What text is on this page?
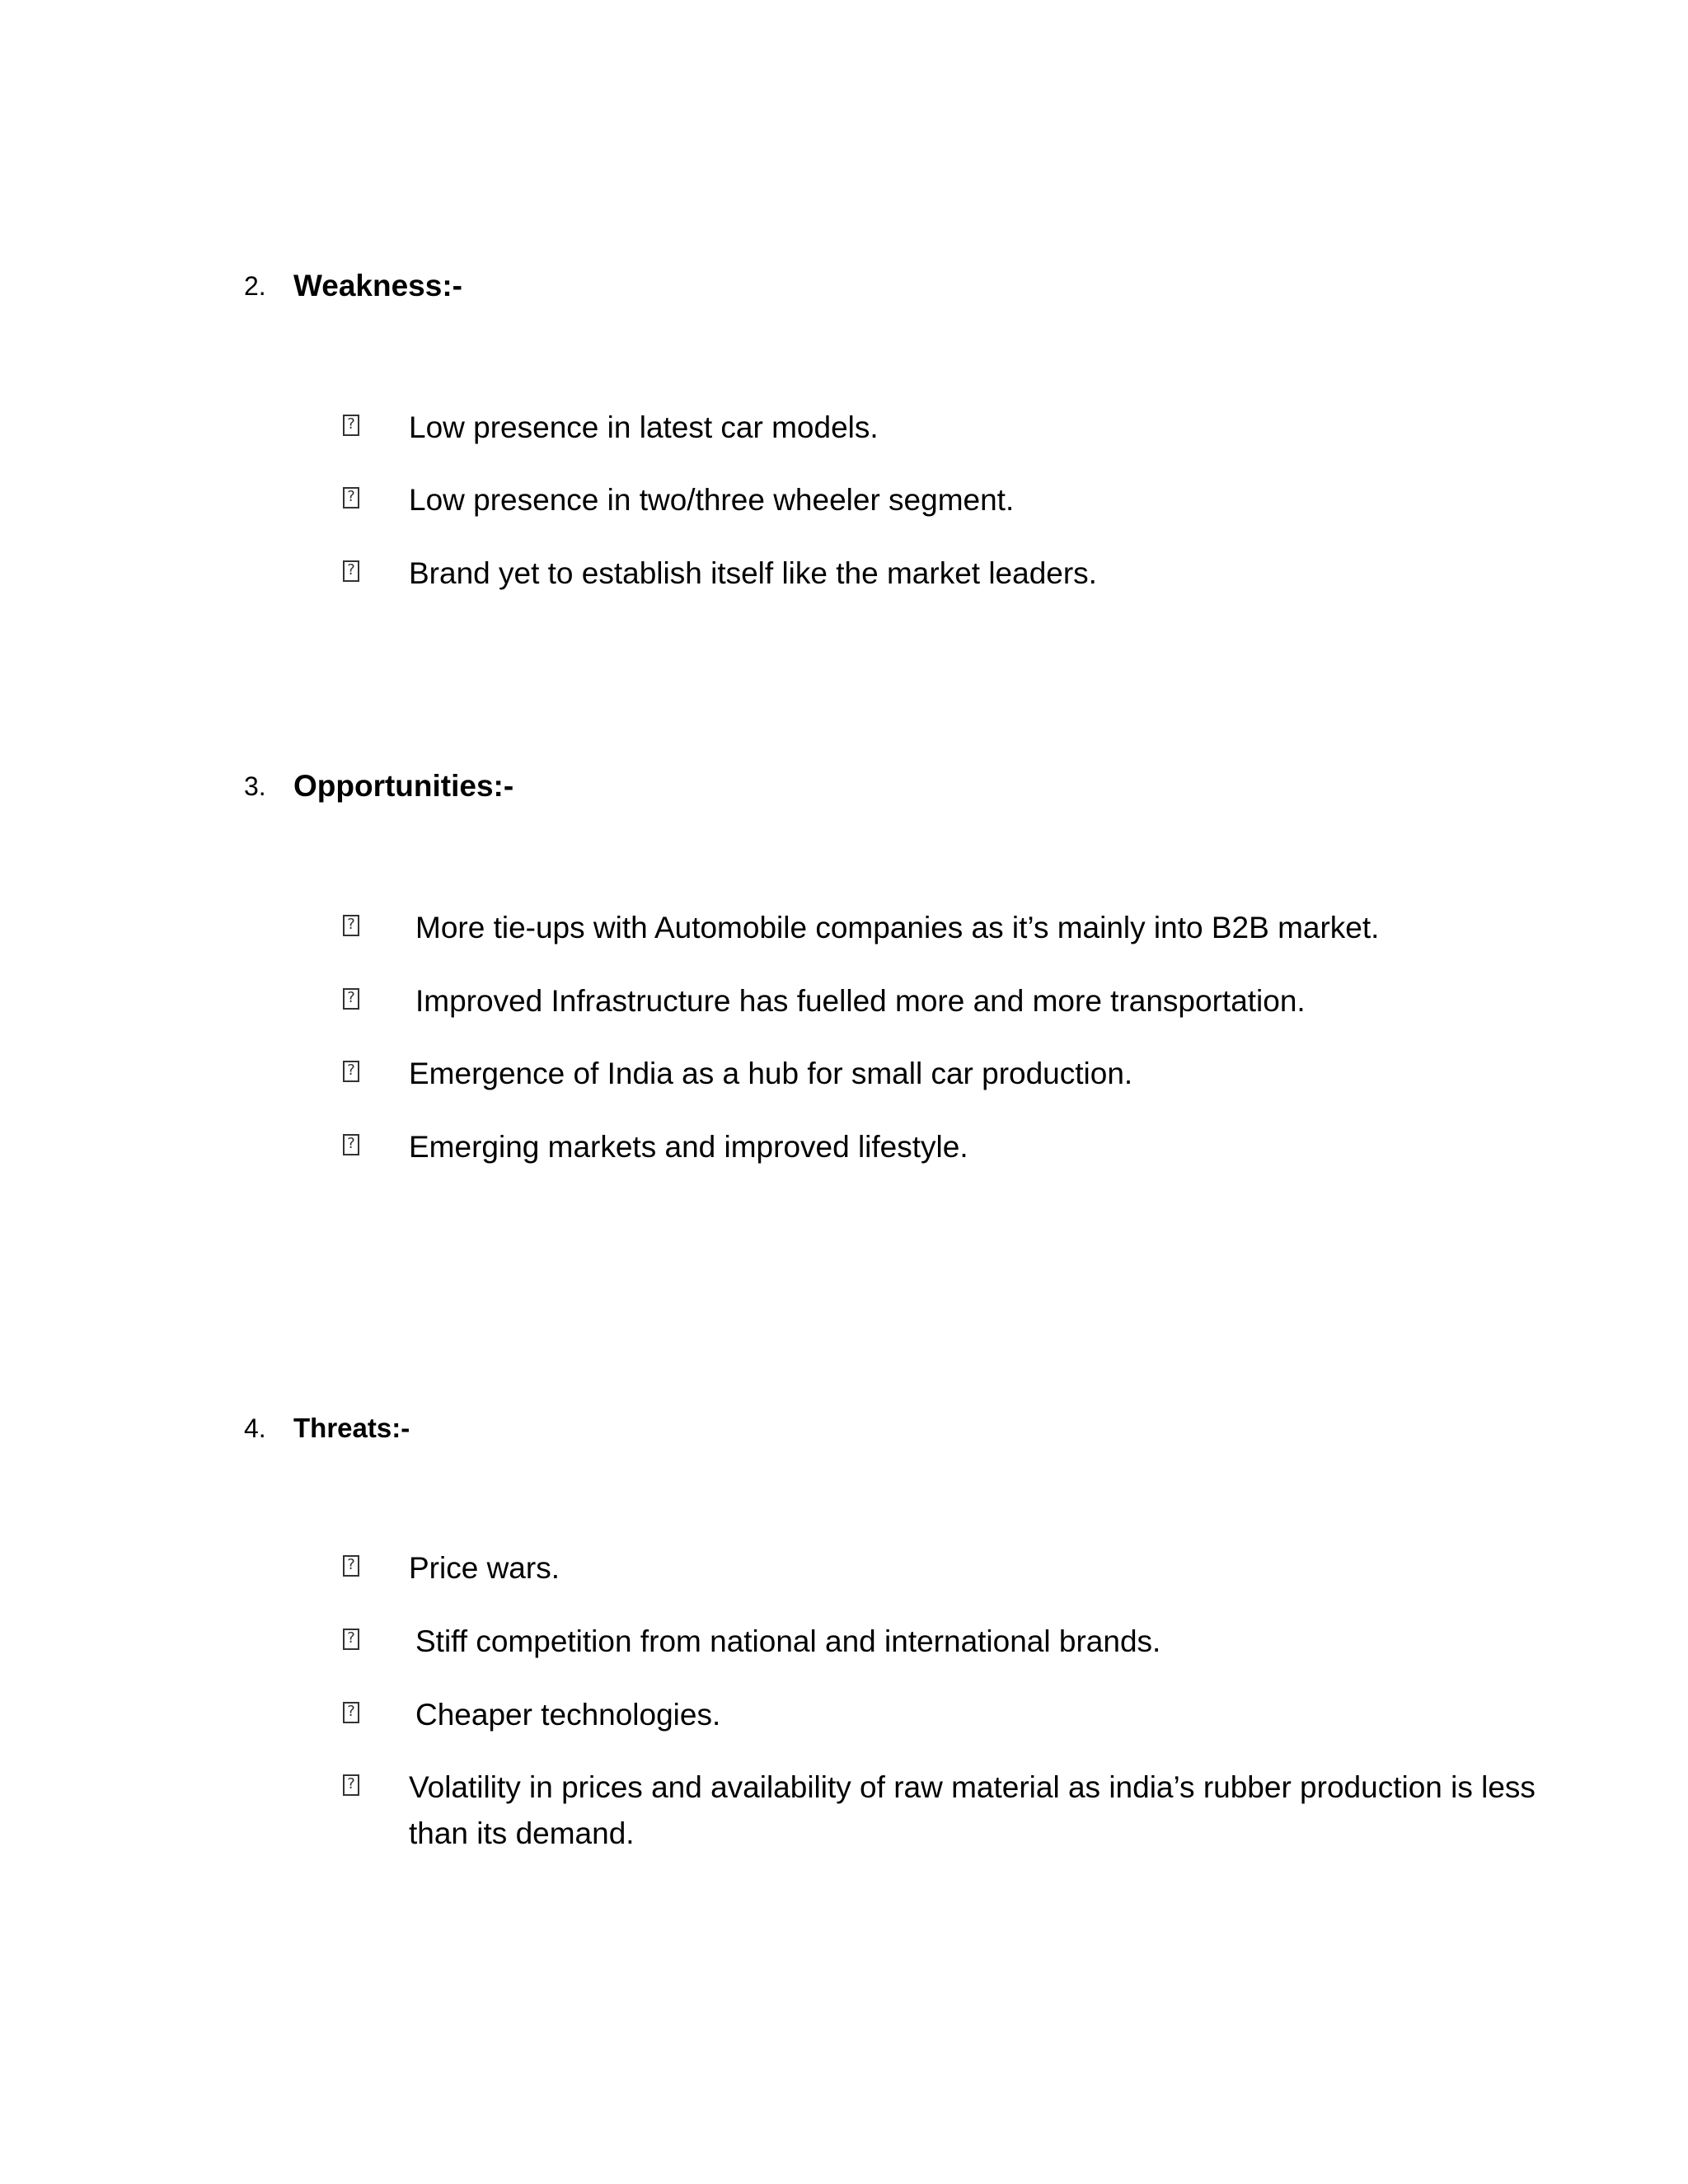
2. Weakness:-
?
Low presence in latest car models.
?
Low presence in two/three wheeler segment.
?
Brand yet to establish itself like the market leaders.
3. Opportunities:-
?
More tie-ups with Automobile companies as it’s mainly into B2B market.
?
Improved Infrastructure has fuelled more and more transportation.
?
Emergence of India as a hub for small car production.
?
Emerging markets and improved lifestyle.
4.	Threats:-
?
Price wars.
?
Stiff competition from national and international brands.
?
Cheaper technologies.
?
Volatility in prices and availability of raw material as india’s rubber production is less than its demand.
